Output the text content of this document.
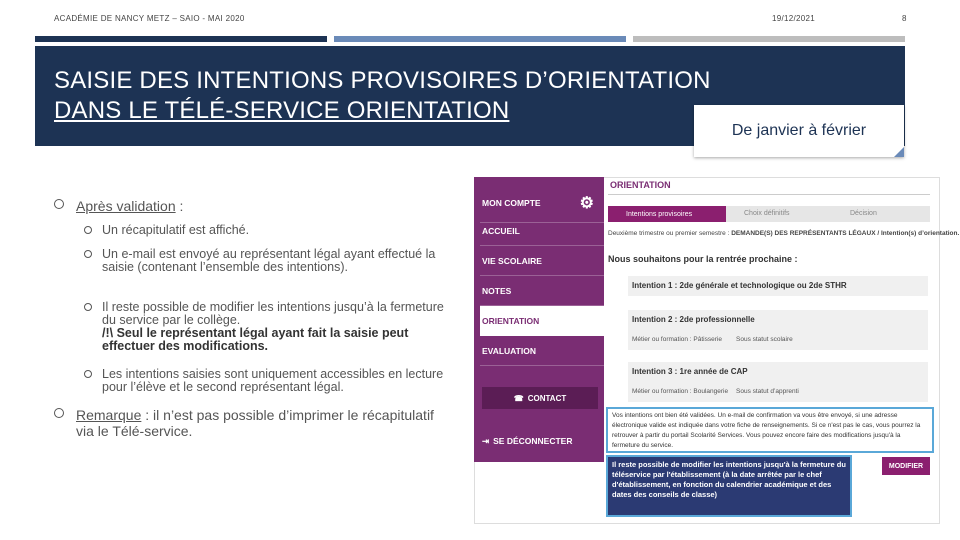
ACADÉMIE DE NANCY METZ – SAIO - MAI 2020	19/12/2021	8
SAISIE DES INTENTIONS PROVISOIRES D’ORIENTATION
DANS LE TÉLÉ-SERVICE ORIENTATION
De janvier à février
Après validation :
Un récapitulatif est affiché.
Un e-mail est envoyé au représentant légal ayant effectué la saisie (contenant l’ensemble des intentions).
Il reste possible de modifier les intentions jusqu’à la fermeture du service par le collège.
/!\ Seul le représentant légal ayant fait la saisie peut effectuer des modifications.
Les intentions saisies sont uniquement accessibles en lecture pour l’élève et le second représentant légal.
Remarque : il n’est pas possible d’imprimer le récapitulatif via le Télé-service.
MON COMPTE ⚙
ACCUEIL
VIE SCOLAIRE
NOTES
ORIENTATION
EVALUATION
☎ CONTACT
⇥ SE DÉCONNECTER
ORIENTATION
Intentions provisoires	Choix définitifs	Décision
Deuxième trimestre ou premier semestre : DEMANDE(S) DES REPRÉSENTANTS LÉGAUX / Intention(s) d’orientation.
Nous souhaitons pour la rentrée prochaine :
Intention 1 : 2de générale et technologique ou 2de STHR
Intention 2 : 2de professionnelle
Métier ou formation : Pâtisserie Sous statut scolaire
Intention 3 : 1re année de CAP
Métier ou formation : Boulangerie Sous statut d’apprenti
Vos intentions ont bien été validées. Un e-mail de confirmation va vous être envoyé, si une adresse électronique valide est indiquée dans votre fiche de renseignements. Si ce n'est pas le cas, vous pourrez la retrouver à partir du portail Scolarité Services. Vous pouvez encore faire des modifications jusqu'à la fermeture du service.
Il reste possible de modifier les intentions jusqu'à la fermeture du téléservice par l'établissement (à la date arrêtée par le chef d'établissement, en fonction du calendrier académique et des dates des conseils de classe)
MODIFIER
